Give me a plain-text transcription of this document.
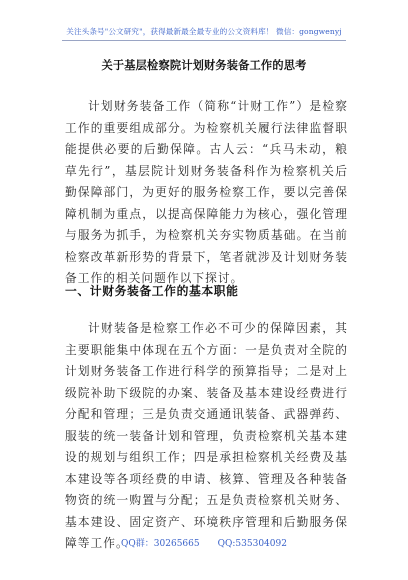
关注头条号"公文研究"，获得最新最全最专业的公文资料库！ 微信：gongwenyj
关于基层检察院计划财务装备工作的思考

计划财务装备工作（简称“计财工作”）是检察工作的重要组成部分。为检察机关履行法律监督职能提供必要的后勤保障。古人云：“兵马未动，粮草先行”，基层院计划财务装备科作为检察机关后勤保障部门，为更好的服务检察工作，要以完善保障机制为重点，以提高保障能力为核心，强化管理与服务为抓手，为检察机关夯实物质基础。在当前检察改革新形势的背景下，笔者就涉及计划财务装备工作的相关问题作以下探讨。

一、计财务装备工作的基本职能

计财装备是检察工作必不可少的保障因素，其主要职能集中体现在五个方面：一是负责对全院的计划财务装备工作进行科学的预算指导；二是对上级院补助下级院的办案、装备及基本建设经费进行分配和管理；三是负责交通通讯装备、武器弹药、服装的统一装备计划和管理，负责检察机关基本建设的规划与组织工作；四是承担检察机关经费及基本建设等各项经费的申请、核算、管理及各种装备物资的统一购置与分配；五是负责检察机关财务、基本建设、固定资产、环境秩序管理和后勤服务保障等工作。

QQ群：30265665 QQ:535304092
